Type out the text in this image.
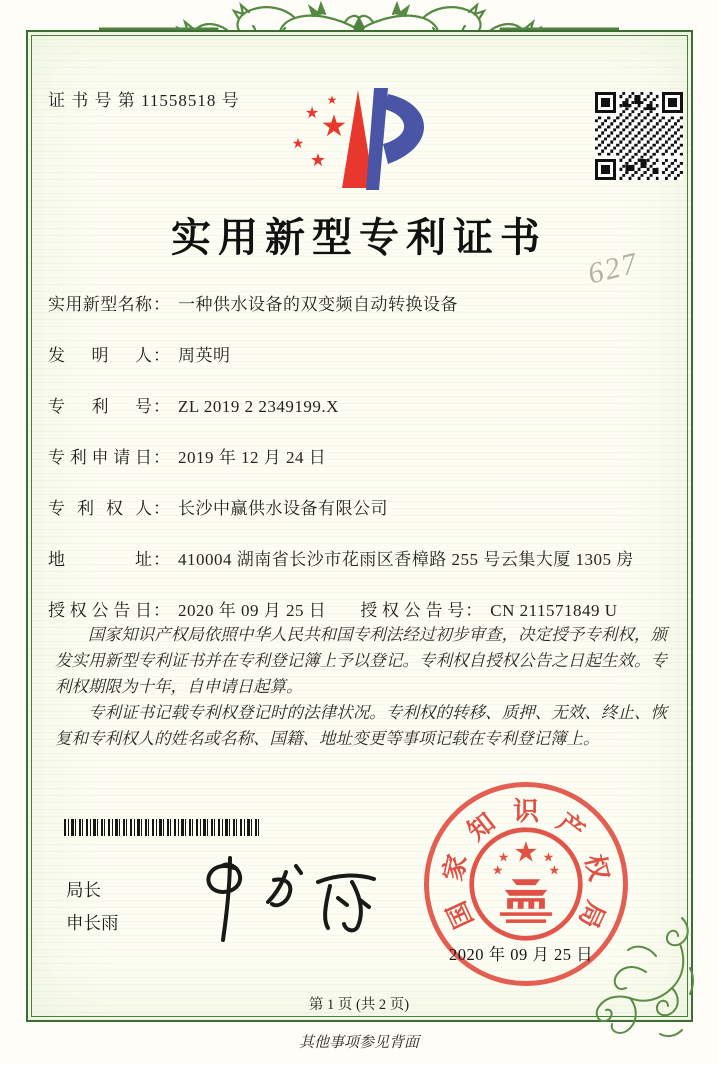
证 书 号 第 11558518 号
★
★
★
★
★
实用新型专利证书
627
实用新型名称： 一种供水设备的双变频自动转换设备
发明人： 周英明
专利号： ZL 2019 2 2349199.X
专利申请日： 2019 年 12 月 24 日
专利权人： 长沙中赢供水设备有限公司
地址： 410004 湖南省长沙市花雨区香樟路 255 号云集大厦 1305 房
授权公告日： 2020 年 09 月 25 日 授权公告号： CN 211571849 U

国家知识产权局依照中华人民共和国专利法经过初步审查，决定授予专利权，颁发实用新型专利证书并在专利登记簿上予以登记。专利权自授权公告之日起生效。专利权期限为十年，自申请日起算。

专利证书记载专利权登记时的法律状况。专利权的转移、质押、无效、终止、恢复和专利权人的姓名或名称、国籍、地址变更等事项记载在专利登记簿上。

局长
申长雨	国
家
知 识 产
权
局
★
★	★
★	★
2020 年 09 月 25 日
第 1 页 (共 2 页)
其他事项参见背面
